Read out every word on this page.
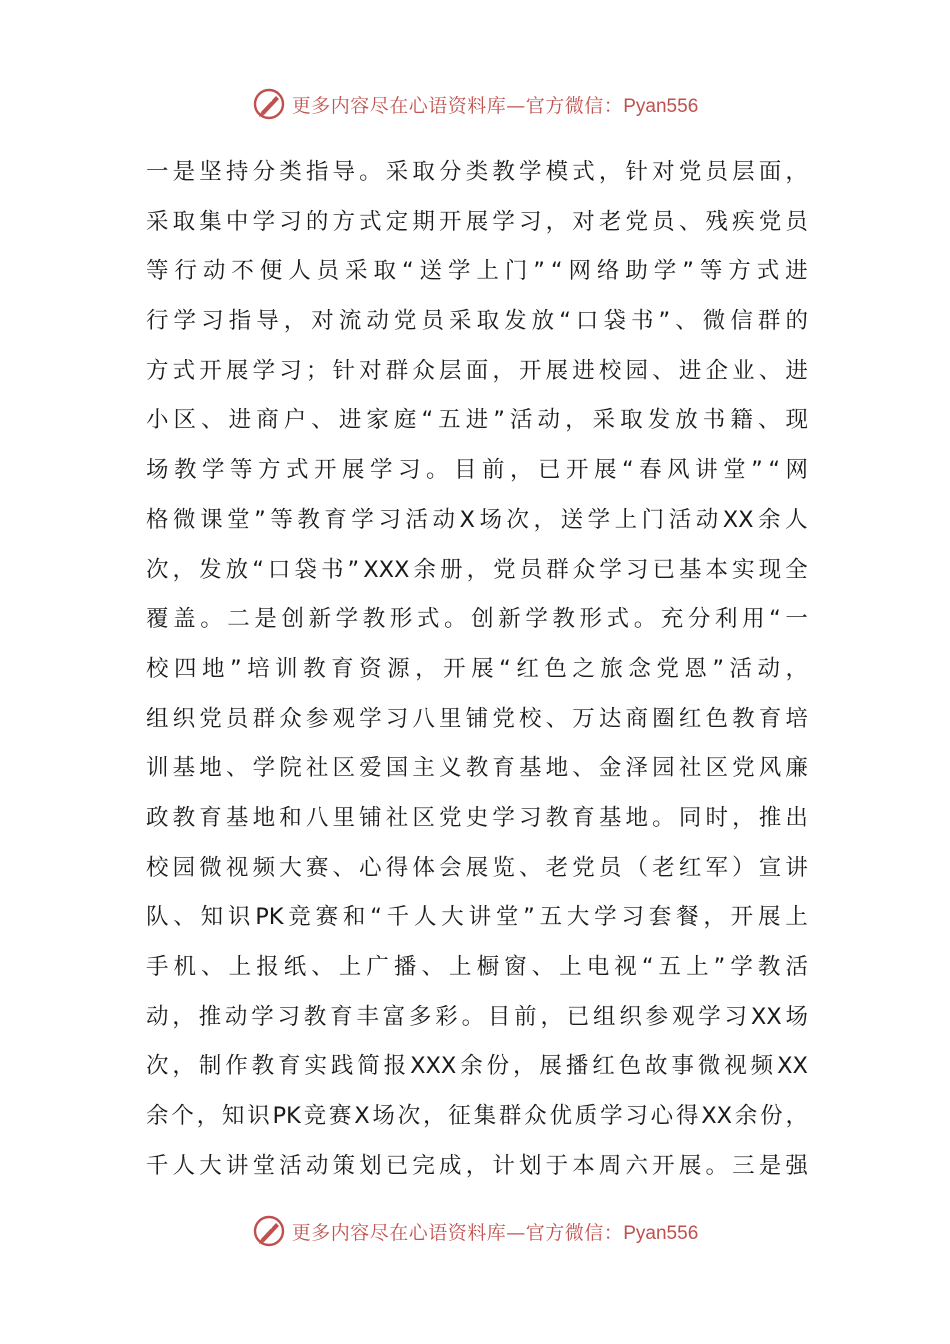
更多内容尽在心语资料库—官方微信：Pyan556
一 是 坚 持 分 类 指 导 。 采 取 分 类 教 学 模 式 ， 针 对 党 员 层 面 ，
采 取 集 中 学 习 的 方 式 定 期 开 展 学 习 ， 对 老 党 员 、 残 疾 党 员
等 行 动 不 便 人 员 采 取 “ 送 学 上 门 ” “ 网 络 助 学 ” 等 方 式 进
行 学 习 指 导 ， 对 流 动 党 员 采 取 发 放 “ 口 袋 书 ” 、 微 信 群 的
方 式 开 展 学 习 ； 针 对 群 众 层 面 ， 开 展 进 校 园 、 进 企 业 、 进
小 区 、 进 商 户 、 进 家 庭 “ 五 进 ” 活 动 ， 采 取 发 放 书 籍 、 现
场 教 学 等 方 式 开 展 学 习 。 目 前 ， 已 开 展 “ 春 风 讲 堂 ” “ 网
格 微 课 堂 ” 等 教 育 学 习 活 动 X 场 次 ， 送 学 上 门 活 动 XX 余 人
次 ， 发 放 “ 口 袋 书 ” XXX 余 册 ， 党 员 群 众 学 习 已 基 本 实 现 全
覆 盖 。 二 是 创 新 学 教 形 式 。 创 新 学 教 形 式 。 充 分 利 用 “ 一
校 四 地 ” 培 训 教 育 资 源 ， 开 展 “ 红 色 之 旅 念 党 恩 ” 活 动 ，
组 织 党 员 群 众 参 观 学 习 八 里 铺 党 校 、 万 达 商 圈 红 色 教 育 培
训 基 地 、 学 院 社 区 爱 国 主 义 教 育 基 地 、 金 泽 园 社 区 党 风 廉
政 教 育 基 地 和 八 里 铺 社 区 党 史 学 习 教 育 基 地 。 同 时 ， 推 出
校 园 微 视 频 大 赛 、 心 得 体 会 展 览 、 老 党 员 （ 老 红 军 ） 宣 讲
队 、 知 识 PK 竞 赛 和 “ 千 人 大 讲 堂 ” 五 大 学 习 套 餐 ， 开 展 上
手 机 、 上 报 纸 、 上 广 播 、 上 橱 窗 、 上 电 视 “ 五 上 ” 学 教 活
动 ， 推 动 学 习 教 育 丰 富 多 彩 。 目 前 ， 已 组 织 参 观 学 习 XX 场
次 ， 制 作 教 育 实 践 简 报 XXX 余 份 ， 展 播 红 色 故 事 微 视 频 XX
余 个 ， 知 识 PK 竞 赛 X 场 次 ， 征 集 群 众 优 质 学 习 心 得 XX 余 份 ，
千 人 大 讲 堂 活 动 策 划 已 完 成 ， 计 划 于 本 周 六 开 展 。 三 是 强
更多内容尽在心语资料库—官方微信：Pyan556
